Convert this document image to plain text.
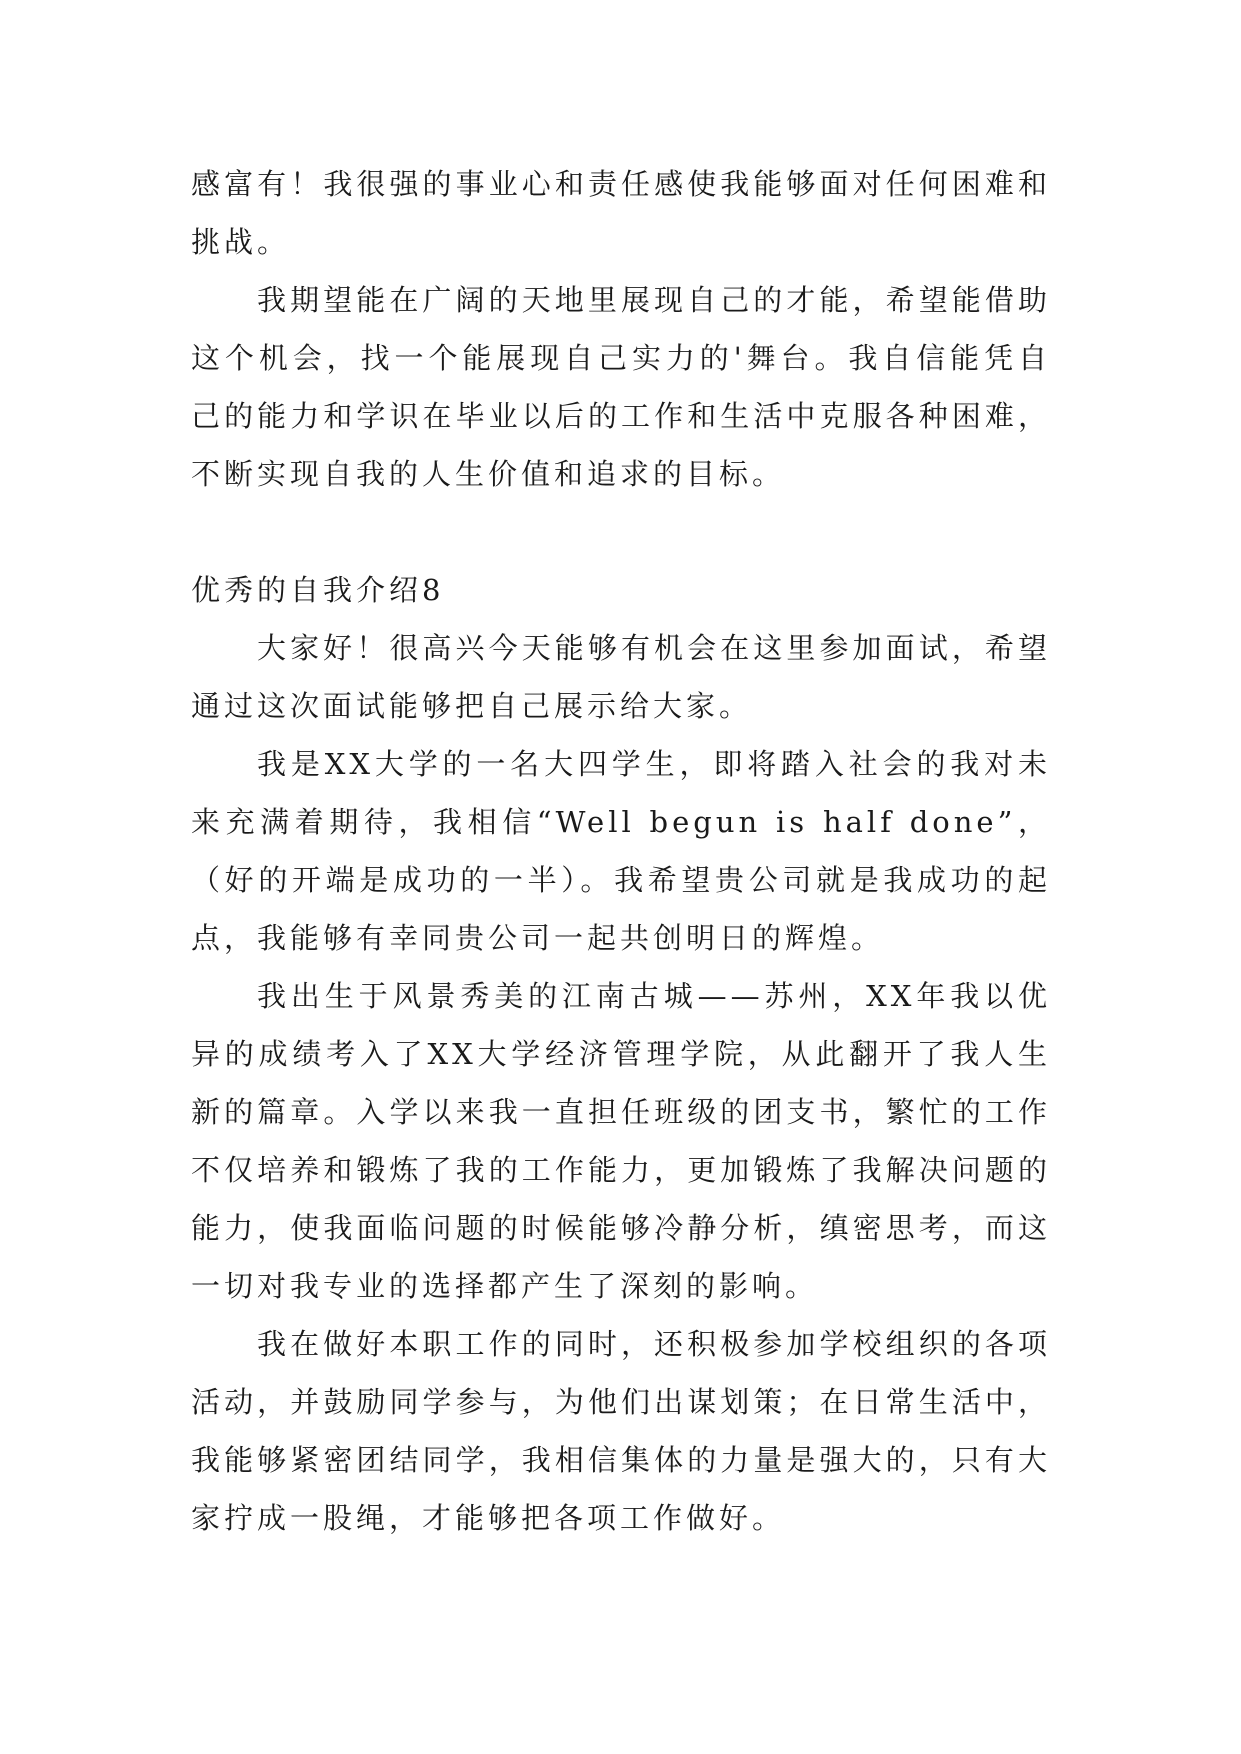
感富有！我很强的事业心和责任感使我能够面对任何困难和挑战。

我期望能在广阔的天地里展现自己的才能，希望能借助这个机会，找一个能展现自己实力的'舞台。我自信能凭自己的能力和学识在毕业以后的工作和生活中克服各种困难，不断实现自我的人生价值和追求的目标。

优秀的自我介绍8

大家好！很高兴今天能够有机会在这里参加面试，希望通过这次面试能够把自己展示给大家。

我是XX大学的一名大四学生，即将踏入社会的我对未来充满着期待，我相信“Well begun is half done”，（好的开端是成功的一半）。我希望贵公司就是我成功的起点，我能够有幸同贵公司一起共创明日的辉煌。

我出生于风景秀美的江南古城——苏州，XX年我以优异的成绩考入了XX大学经济管理学院，从此翻开了我人生新的篇章。入学以来我一直担任班级的团支书，繁忙的工作不仅培养和锻炼了我的工作能力，更加锻炼了我解决问题的能力，使我面临问题的时候能够冷静分析，缜密思考，而这一切对我专业的选择都产生了深刻的影响。

我在做好本职工作的同时，还积极参加学校组织的各项活动，并鼓励同学参与，为他们出谋划策；在日常生活中，我能够紧密团结同学，我相信集体的力量是强大的，只有大家拧成一股绳，才能够把各项工作做好。
